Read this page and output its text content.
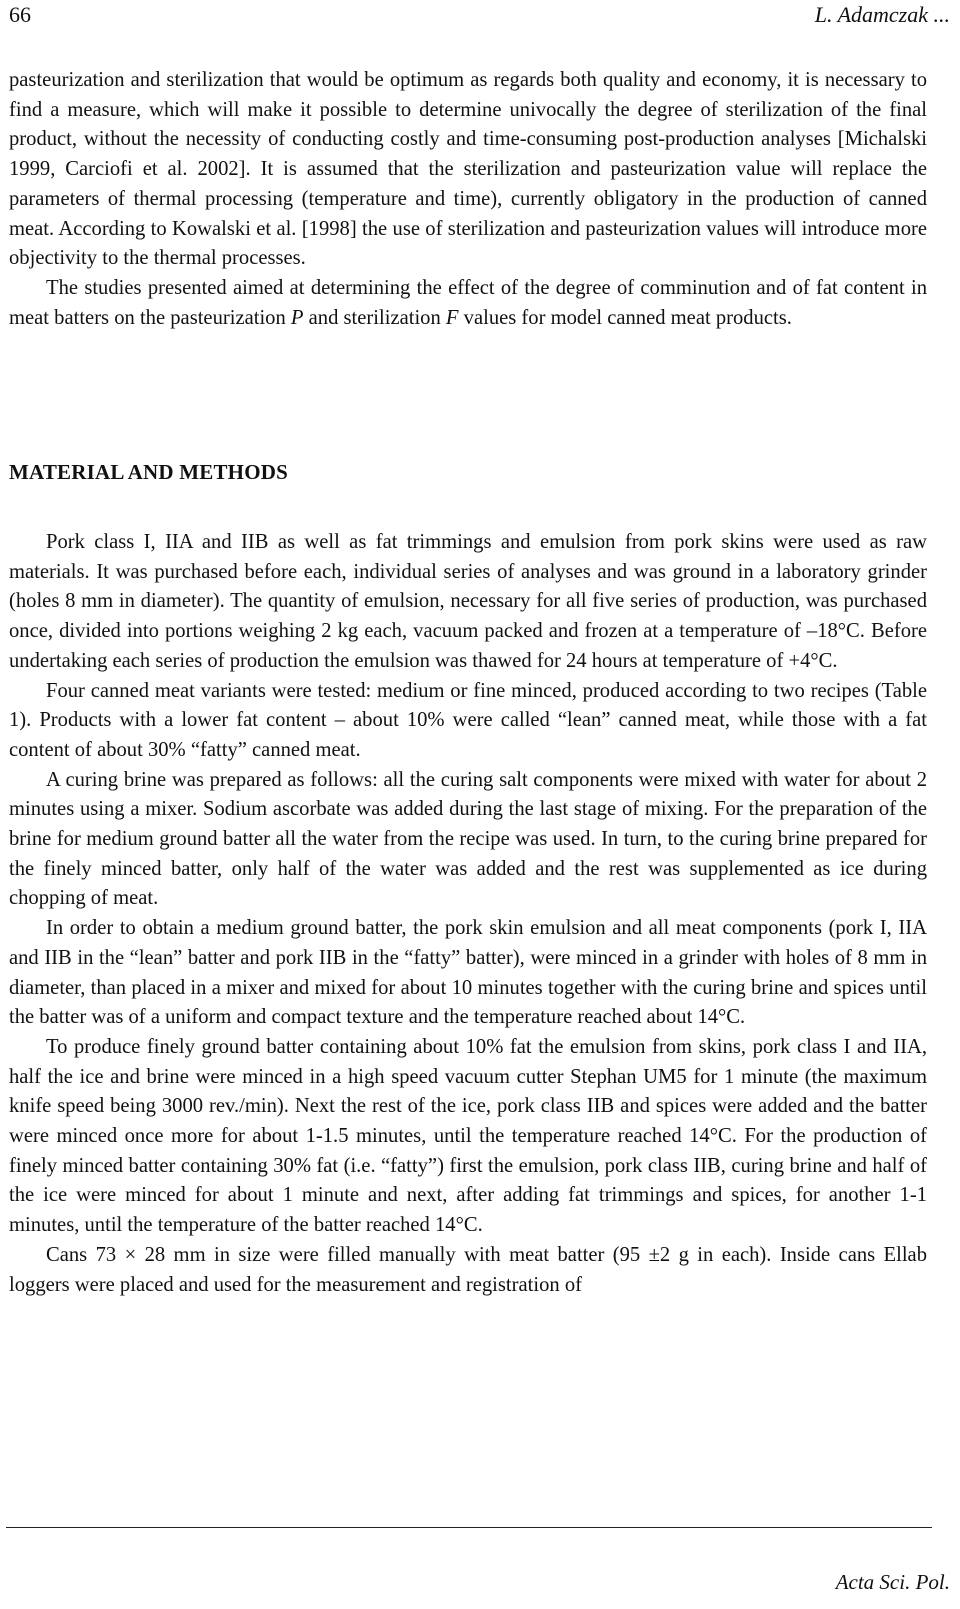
66	L. Adamczak ...

pasteurization and sterilization that would be optimum as regards both quality and economy, it is necessary to find a measure, which will make it possible to determine univocally the degree of sterilization of the final product, without the necessity of conducting costly and time-consuming post-production analyses [Michalski 1999, Carciofi et al. 2002]. It is assumed that the sterilization and pasteurization value will replace the parameters of thermal processing (temperature and time), currently obligatory in the production of canned meat. According to Kowalski et al. [1998] the use of sterilization and pasteurization values will introduce more objectivity to the thermal processes.

The studies presented aimed at determining the effect of the degree of comminution and of fat content in meat batters on the pasteurization P and sterilization F values for model canned meat products.

MATERIAL AND METHODS

Pork class I, IIA and IIB as well as fat trimmings and emulsion from pork skins were used as raw materials. It was purchased before each, individual series of analyses and was ground in a laboratory grinder (holes 8 mm in diameter). The quantity of emulsion, necessary for all five series of production, was purchased once, divided into portions weighing 2 kg each, vacuum packed and frozen at a temperature of –18°C. Before undertaking each series of production the emulsion was thawed for 24 hours at temperature of +4°C.

Four canned meat variants were tested: medium or fine minced, produced according to two recipes (Table 1). Products with a lower fat content – about 10% were called “lean” canned meat, while those with a fat content of about 30% “fatty” canned meat.

A curing brine was prepared as follows: all the curing salt components were mixed with water for about 2 minutes using a mixer. Sodium ascorbate was added during the last stage of mixing. For the preparation of the brine for medium ground batter all the water from the recipe was used. In turn, to the curing brine prepared for the finely minced batter, only half of the water was added and the rest was supplemented as ice during chopping of meat.

In order to obtain a medium ground batter, the pork skin emulsion and all meat components (pork I, IIA and IIB in the “lean” batter and pork IIB in the “fatty” batter), were minced in a grinder with holes of 8 mm in diameter, than placed in a mixer and mixed for about 10 minutes together with the curing brine and spices until the batter was of a uniform and compact texture and the temperature reached about 14°C.

To produce finely ground batter containing about 10% fat the emulsion from skins, pork class I and IIA, half the ice and brine were minced in a high speed vacuum cutter Stephan UM5 for 1 minute (the maximum knife speed being 3000 rev./min). Next the rest of the ice, pork class IIB and spices were added and the batter were minced once more for about 1-1.5 minutes, until the temperature reached 14°C. For the production of finely minced batter containing 30% fat (i.e. “fatty”) first the emulsion, pork class IIB, curing brine and half of the ice were minced for about 1 minute and next, after adding fat trimmings and spices, for another 1-1 minutes, until the temperature of the batter reached 14°C.

Cans 73 × 28 mm in size were filled manually with meat batter (95 ±2 g in each). Inside cans Ellab loggers were placed and used for the measurement and registration of

Acta Sci. Pol.
